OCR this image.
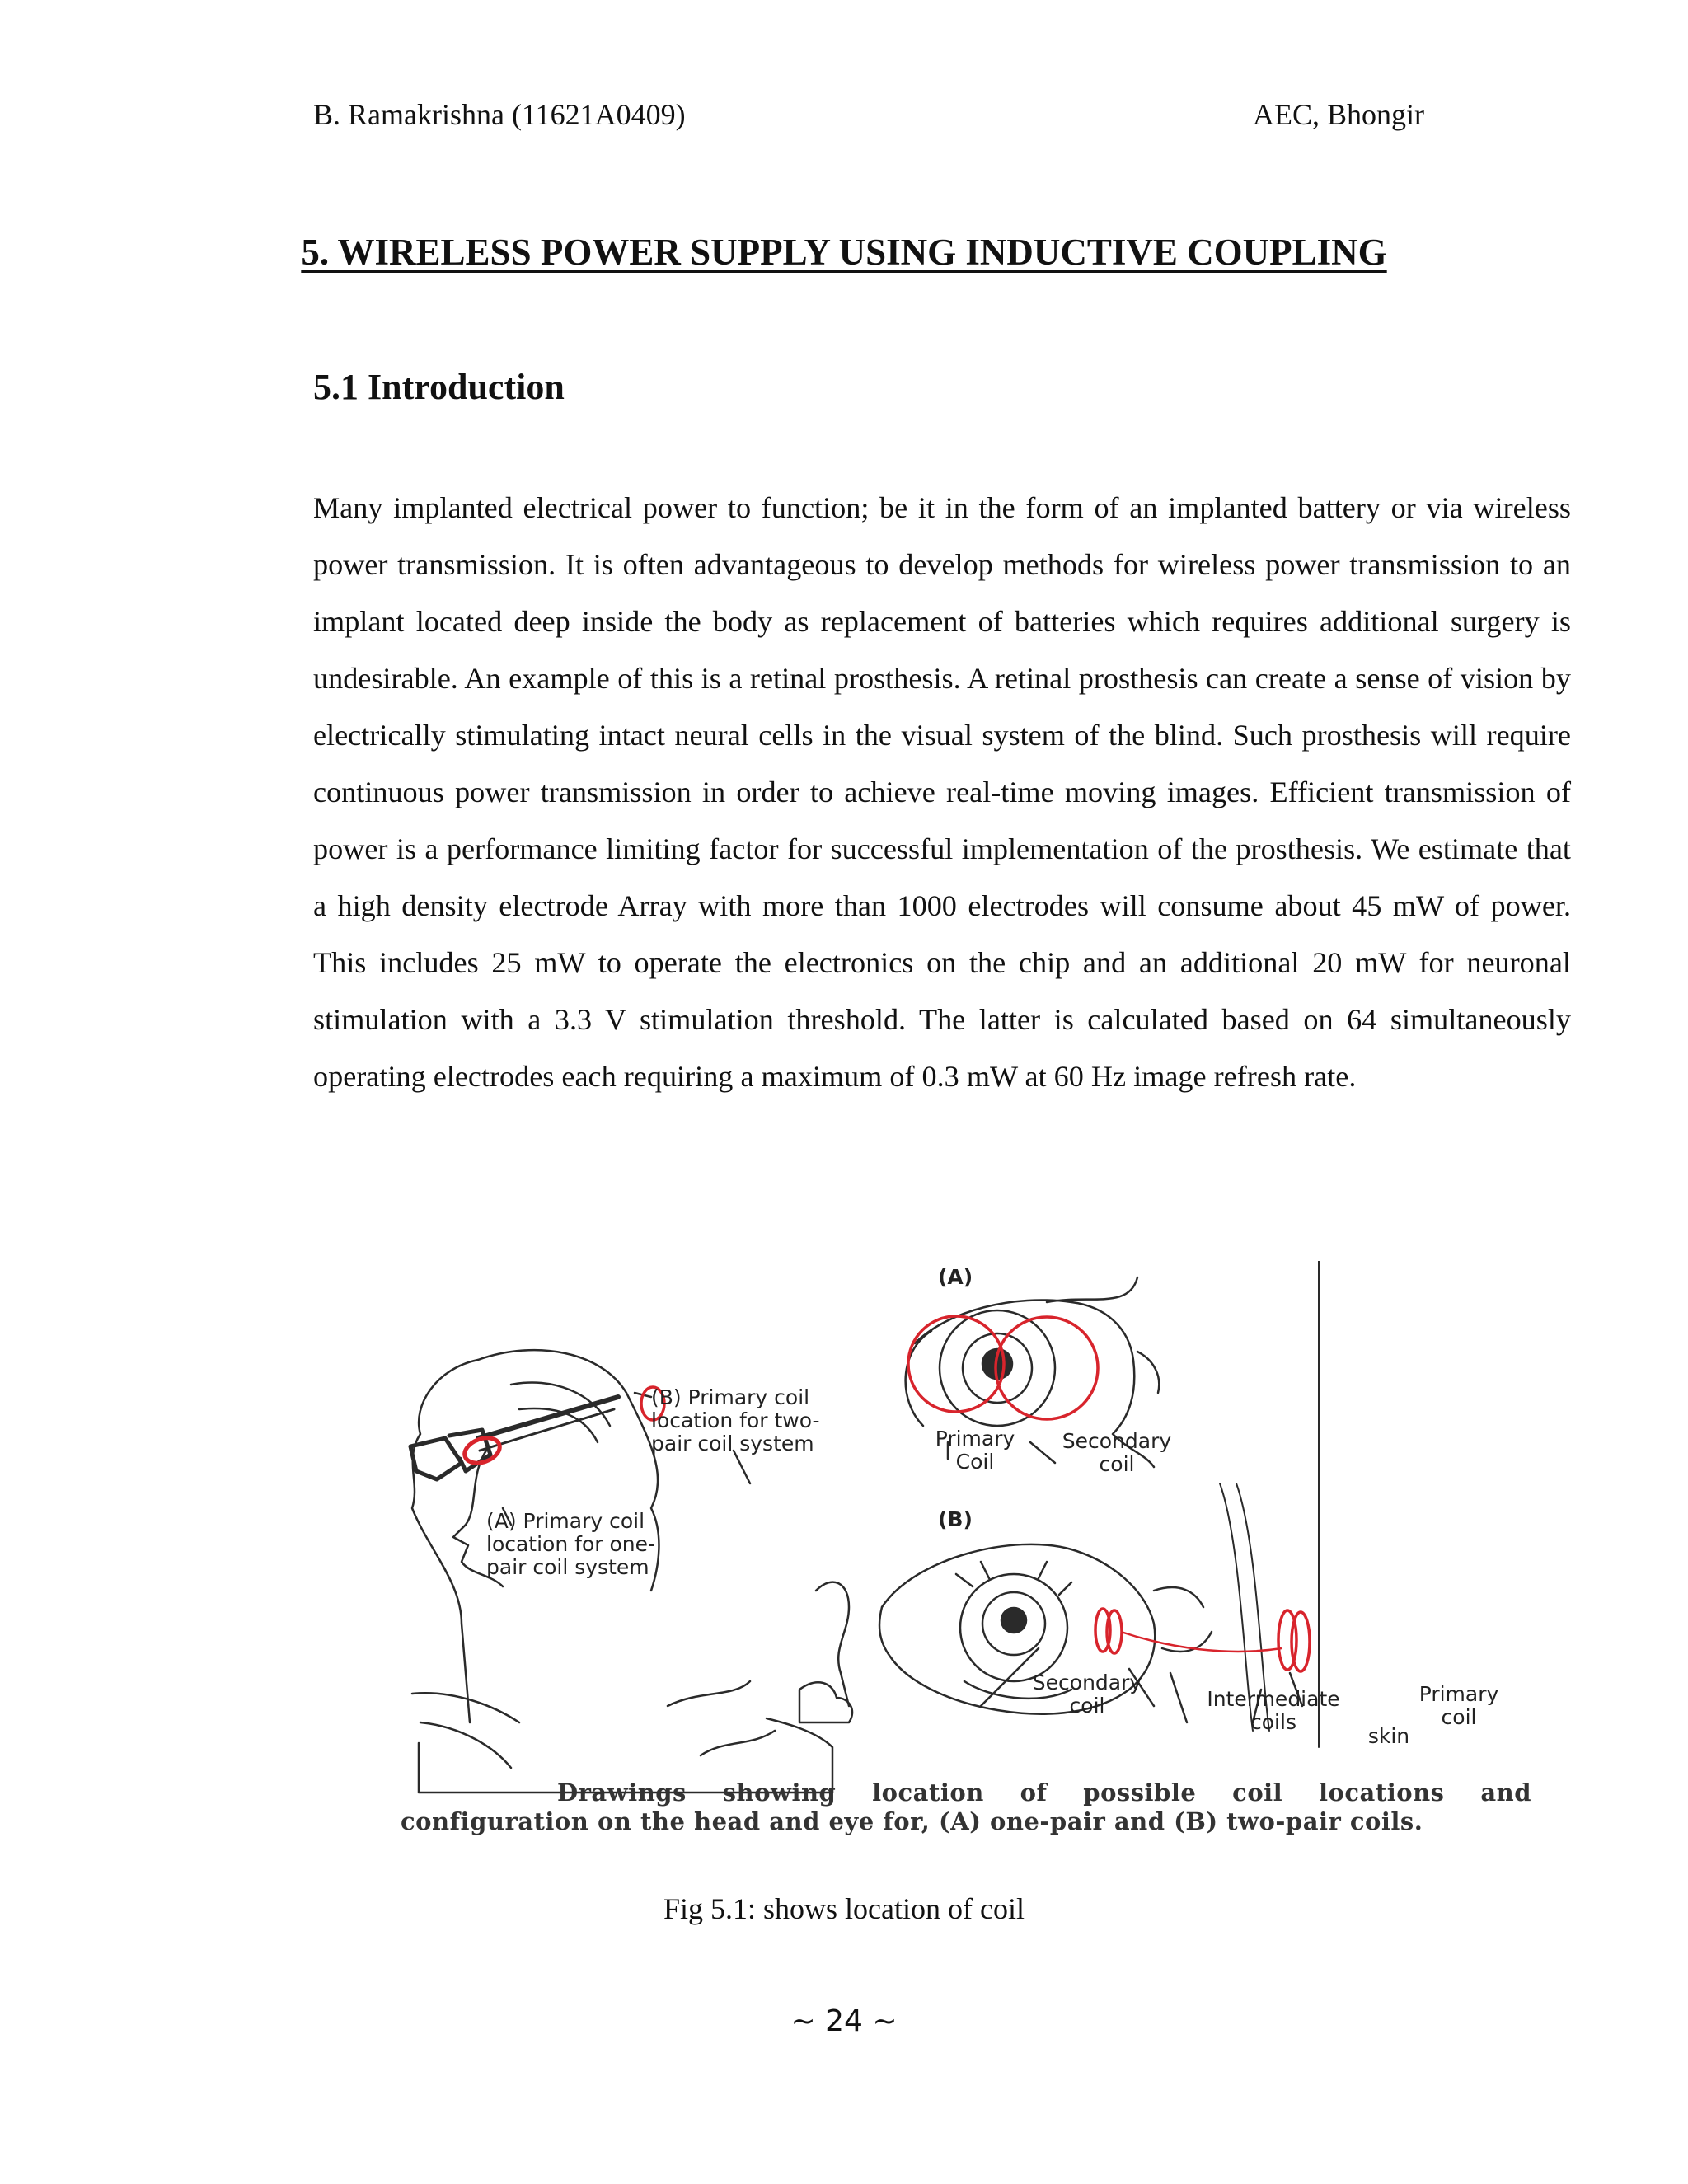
B. Ramakrishna (11621A0409)	AEC, Bhongir
5. WIRELESS POWER SUPPLY USING INDUCTIVE COUPLING
5.1 Introduction

Many implanted electrical power to function; be it in the form of an implanted battery or via wireless power transmission. It is often advantageous to develop methods for wireless power transmission to an implant located deep inside the body as replacement of batteries which requires additional surgery is undesirable. An example of this is a retinal prosthesis. A retinal prosthesis can create a sense of vision by electrically stimulating intact neural cells in the visual system of the blind. Such prosthesis will require continuous power transmission in order to achieve real-time moving images. Efficient transmission of power is a performance limiting factor for successful implementation of the prosthesis. We estimate that a high density electrode Array with more than 1000 electrodes will consume about 45 mW of power. This includes 25 mW to operate the electronics on the chip and an additional 20 mW for neuronal stimulation with a 3.3 V stimulation threshold. The latter is calculated based on 64 simultaneously operating electrodes each requiring a maximum of 0.3 mW at 60 Hz image refresh rate.

(B) Primary coil
location for two-
pair coil system
(A) Primary coil
location for one-
pair coil system
(A)
(B)
Primary
Coil
Secondary
coil
Secondary
coil	Intermediate
coils
skin
Primary
coil

Drawings showing location of possible coil locations and configuration on the head and eye for, (A) one-pair and (B) two-pair coils.

Fig 5.1: shows location of coil
~ 24 ~
